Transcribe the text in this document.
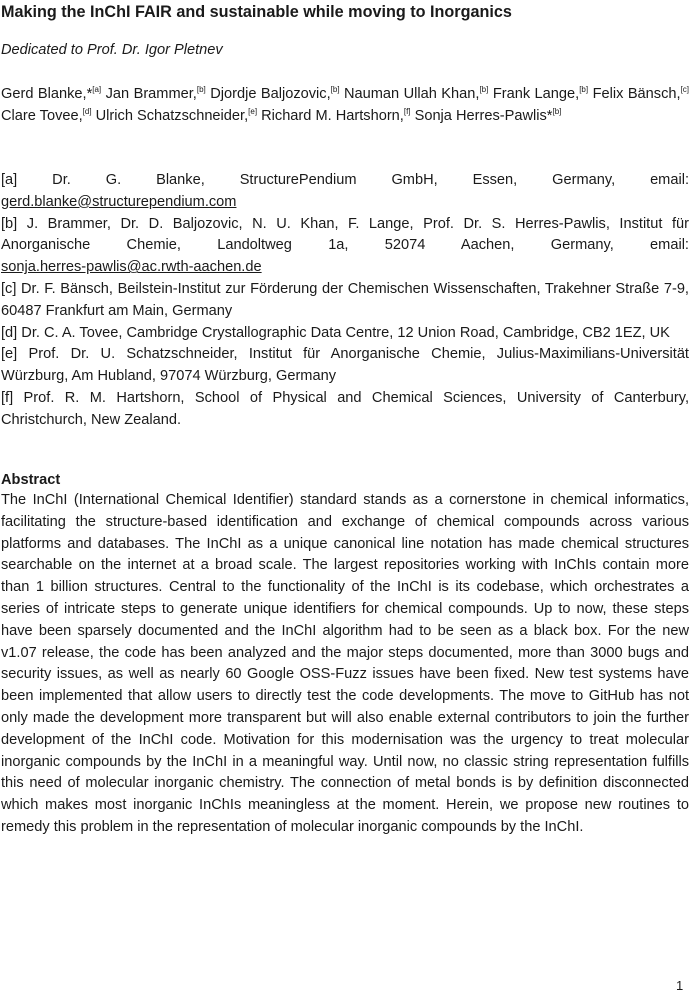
Making the InChI FAIR and sustainable while moving to Inorganics
Dedicated to Prof. Dr. Igor Pletnev
Gerd Blanke,*[a] Jan Brammer,[b] Djordje Baljozovic,[b] Nauman Ullah Khan,[b] Frank Lange,[b] Felix Bänsch,[c] Clare Tovee,[d] Ulrich Schatzschneider,[e] Richard M. Hartshorn,[f] Sonja Herres-Pawlis*[b]

[a] Dr. G. Blanke, StructurePendium GmbH, Essen, Germany, email:

gerd.blanke@structurependium.com

[b] J. Brammer, Dr. D. Baljozovic, N. U. Khan, F. Lange, Prof. Dr. S. Herres-Pawlis, Institut für Anorganische Chemie, Landoltweg 1a, 52074 Aachen, Germany, email:

sonja.herres-pawlis@ac.rwth-aachen.de

[c] Dr. F. Bänsch, Beilstein-Institut zur Förderung der Chemischen Wissenschaften, Trakehner Straße 7-9, 60487 Frankfurt am Main, Germany

[d] Dr. C. A. Tovee, Cambridge Crystallographic Data Centre, 12 Union Road, Cambridge, CB2 1EZ, UK

[e] Prof. Dr. U. Schatzschneider, Institut für Anorganische Chemie, Julius-Maximilians-Universität Würzburg, Am Hubland, 97074 Würzburg, Germany

[f] Prof. R. M. Hartshorn, School of Physical and Chemical Sciences, University of Canterbury, Christchurch, New Zealand.

Abstract

The InChI (International Chemical Identifier) standard stands as a cornerstone in chemical informatics, facilitating the structure-based identification and exchange of chemical compounds across various platforms and databases. The InChI as a unique canonical line notation has made chemical structures searchable on the internet at a broad scale. The largest repositories working with InChIs contain more than 1 billion structures. Central to the functionality of the InChI is its codebase, which orchestrates a series of intricate steps to generate unique identifiers for chemical compounds. Up to now, these steps have been sparsely documented and the InChI algorithm had to be seen as a black box. For the new v1.07 release, the code has been analyzed and the major steps documented, more than 3000 bugs and security issues, as well as nearly 60 Google OSS-Fuzz issues have been fixed. New test systems have been implemented that allow users to directly test the code developments. The move to GitHub has not only made the development more transparent but will also enable external contributors to join the further development of the InChI code. Motivation for this modernisation was the urgency to treat molecular inorganic compounds by the InChI in a meaningful way. Until now, no classic string representation fulfills this need of molecular inorganic chemistry. The connection of metal bonds is by definition disconnected which makes most inorganic InChIs meaningless at the moment. Herein, we propose new routines to remedy this problem in the representation of molecular inorganic compounds by the InChI.

1
